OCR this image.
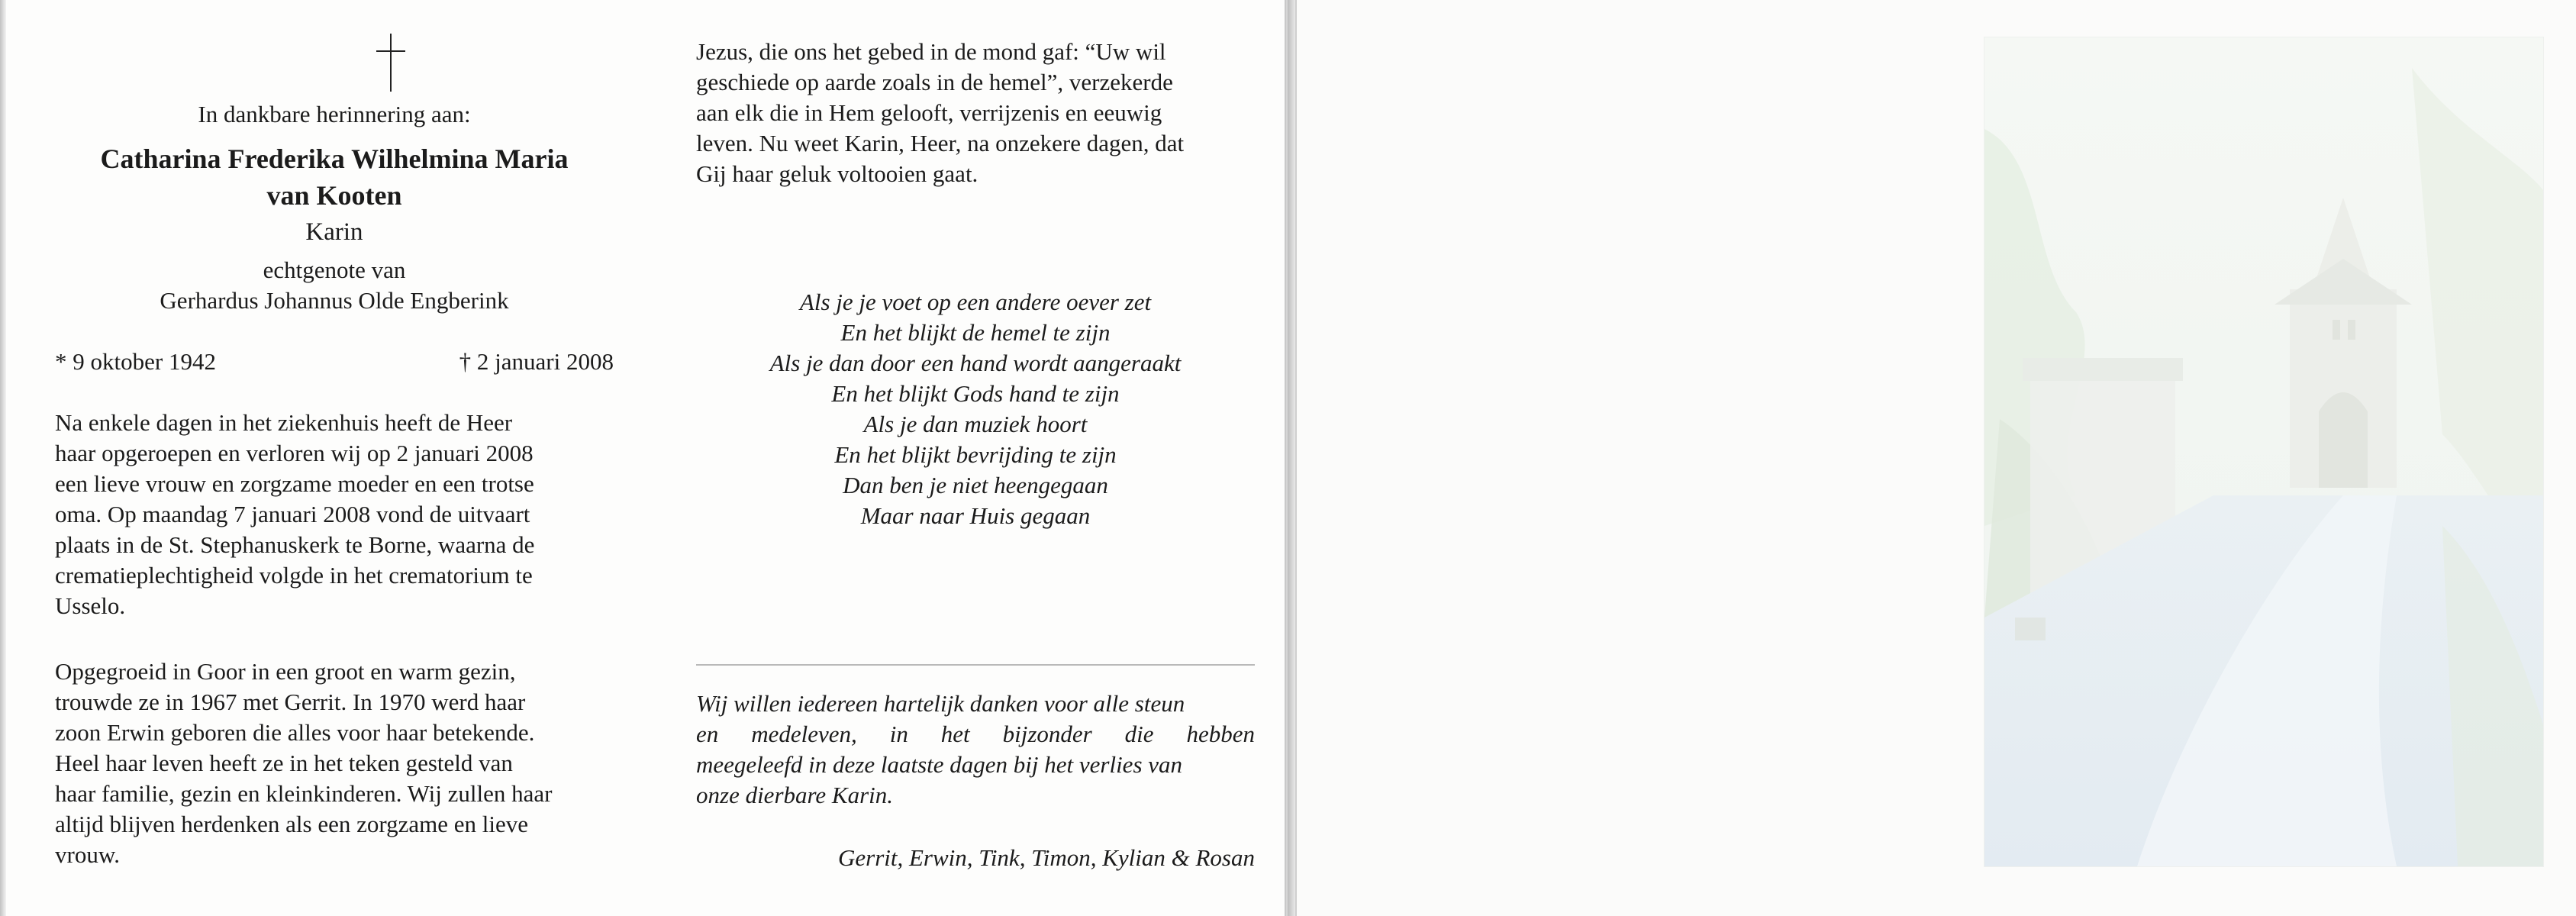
In dankbare herinnering aan:

Catharina Frederika Wilhelmina Maria

van Kooten

Karin

echtgenote van

Gerhardus Johannus Olde Engberink

* 9 oktober 1942	† 2 januari 2008
Na enkele dagen in het ziekenhuis heeft de Heer
haar opgeroepen en verloren wij op 2 januari 2008
een lieve vrouw en zorgzame moeder en een trotse
oma. Op maandag 7 januari 2008 vond de uitvaart
plaats in de St. Stephanuskerk te Borne, waarna de
crematieplechtigheid volgde in het crematorium te
Usselo.
Opgegroeid in Goor in een groot en warm gezin,
trouwde ze in 1967 met Gerrit. In 1970 werd haar
zoon Erwin geboren die alles voor haar betekende.
Heel haar leven heeft ze in het teken gesteld van
haar familie, gezin en kleinkinderen. Wij zullen haar
altijd blijven herdenken als een zorgzame en lieve
vrouw.
Jezus, die ons het gebed in de mond gaf: “Uw wil
geschiede op aarde zoals in de hemel”, verzekerde
aan elk die in Hem gelooft, verrijzenis en eeuwig
leven. Nu weet Karin, Heer, na onzekere dagen, dat
Gij haar geluk voltooien gaat.
Als je je voet op een andere oever zet
En het blijkt de hemel te zijn
Als je dan door een hand wordt aangeraakt
En het blijkt Gods hand te zijn
Als je dan muziek hoort
En het blijkt bevrijding te zijn
Dan ben je niet heengegaan
Maar naar Huis gegaan
Wij willen iedereen hartelijk danken voor alle steun
en medeleven, in het bijzonder die hebben
meegeleefd in deze laatste dagen bij het verlies van
onze dierbare Karin.

Gerrit, Erwin, Tink, Timon, Kylian & Rosan
